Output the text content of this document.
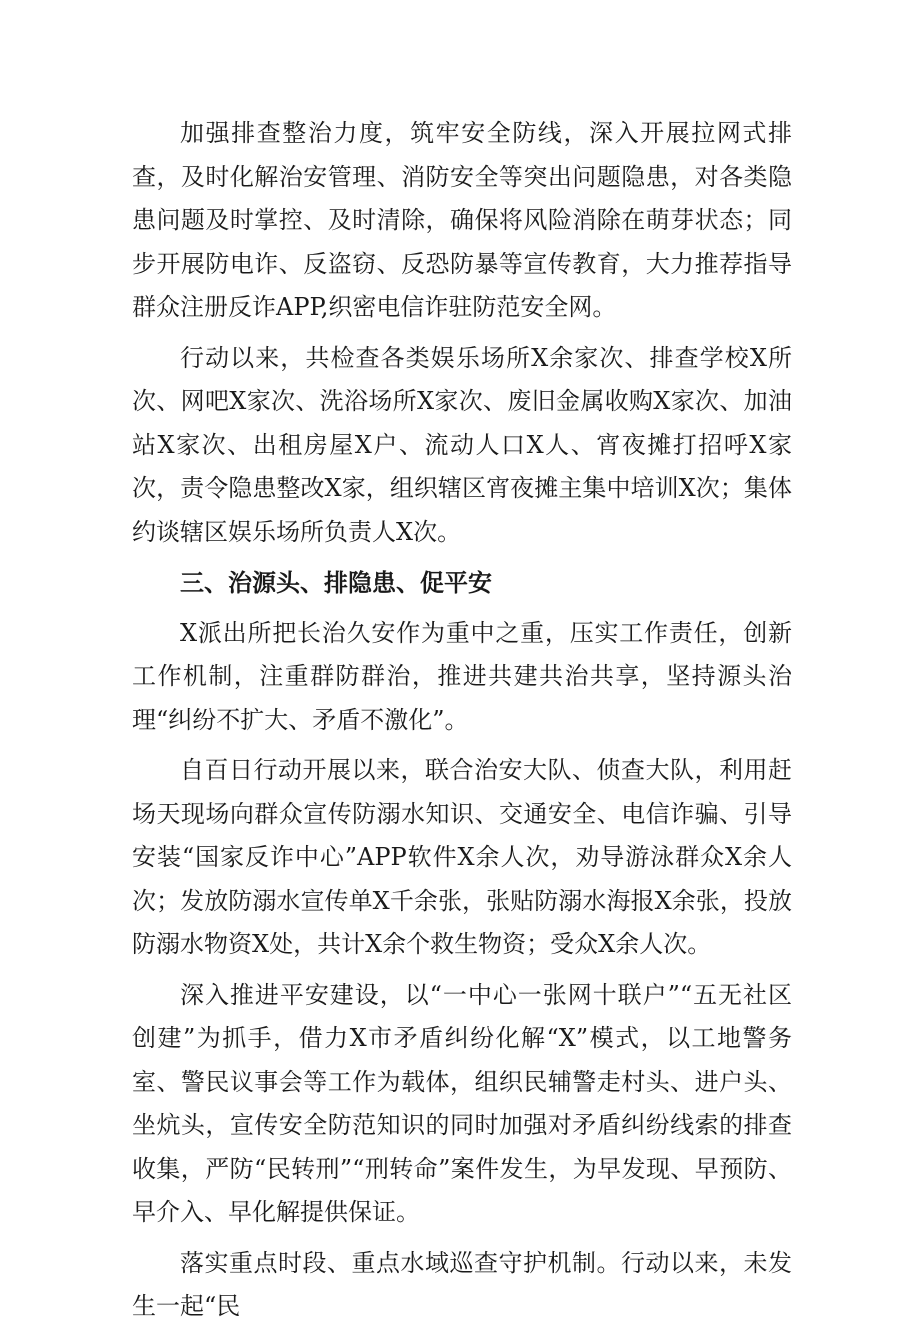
加强排查整治力度，筑牢安全防线，深入开展拉网式排查，及时化解治安管理、消防安全等突出问题隐患，对各类隐患问题及时掌控、及时清除，确保将风险消除在萌芽状态；同步开展防电诈、反盗窃、反恐防暴等宣传教育，大力推荐指导群众注册反诈APP,织密电信诈驻防范安全网。

行动以来，共检查各类娱乐场所X余家次、排查学校X所次、网吧X家次、洗浴场所X家次、废旧金属收购X家次、加油站X家次、出租房屋X户、流动人口X人、宵夜摊打招呼X家次，责令隐患整改X家，组织辖区宵夜摊主集中培训X次；集体约谈辖区娱乐场所负责人X次。

三、治源头、排隐患、促平安

X派出所把长治久安作为重中之重，压实工作责任，创新工作机制，注重群防群治，推进共建共治共享，坚持源头治理“纠纷不扩大、矛盾不激化”。

自百日行动开展以来，联合治安大队、侦查大队，利用赶场天现场向群众宣传防溺水知识、交通安全、电信诈骗、引导安装“国家反诈中心”APP软件X余人次，劝导游泳群众X余人次；发放防溺水宣传单X千余张，张贴防溺水海报X余张，投放防溺水物资X处，共计X余个救生物资；受众X余人次。

深入推进平安建设，以“一中心一张网十联户”“五无社区创建”为抓手，借力X市矛盾纠纷化解“X”模式，以工地警务室、警民议事会等工作为载体，组织民辅警走村头、进户头、坐炕头，宣传安全防范知识的同时加强对矛盾纠纷线索的排查收集，严防“民转刑”“刑转命”案件发生，为早发现、早预防、早介入、早化解提供保证。

落实重点时段、重点水域巡查守护机制。行动以来，未发生一起“民
